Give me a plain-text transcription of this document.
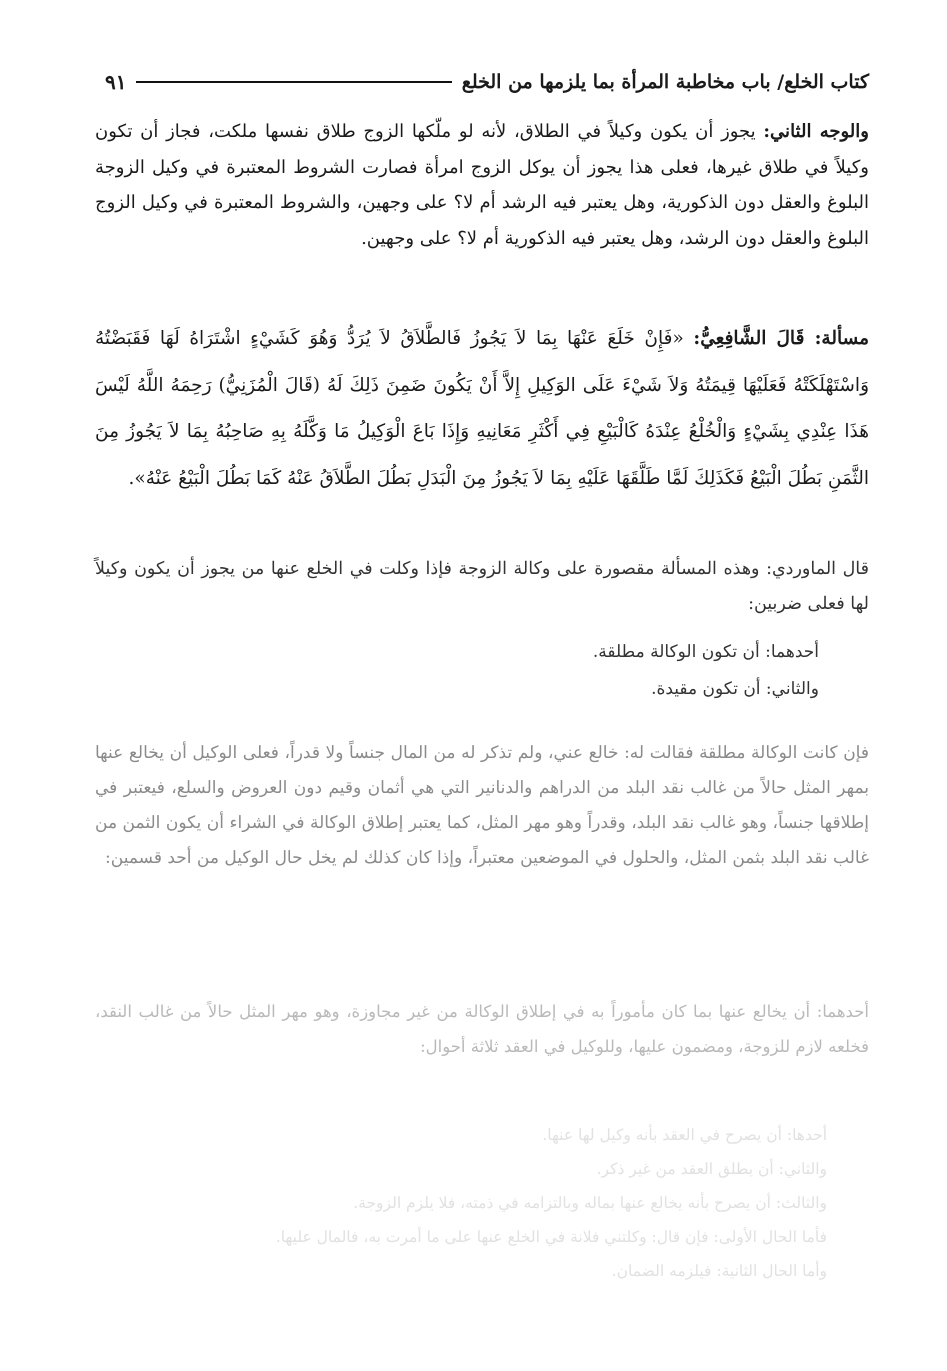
كتاب الخلع/ باب مخاطبة المرأة بما يلزمها من الخلع
٩١

والوجه الثاني: يجوز أن يكون وكيلاً في الطلاق، لأنه لو ملّكها الزوج طلاق نفسها ملكت، فجاز أن تكون وكيلاً في طلاق غيرها، فعلى هذا يجوز أن يوكل الزوج امرأة فصارت الشروط المعتبرة في وكيل الزوجة البلوغ والعقل دون الذكورية، وهل يعتبر فيه الرشد أم لا؟ على وجهين، والشروط المعتبرة في وكيل الزوج البلوغ والعقل دون الرشد، وهل يعتبر فيه الذكورية أم لا؟ على وجهين.

مسألة: قَالَ الشَّافِعِيُّ: «فَإِنْ خَلَعَ عَنْهَا بِمَا لاَ يَجُوزُ فَالطَّلاَقُ لاَ يُرَدُّ وَهُوَ كَشَيْءٍ اشْتَرَاهُ لَهَا فَقَبَضْتُهُ وَاسْتَهْلَكَتْهُ فَعَلَيْهَا قِيمَتُهُ وَلاَ شَيْءَ عَلَى الوَكِيلِ إِلاَّ أَنْ يَكُونَ ضَمِنَ ذَلِكَ لَهُ (قَالَ الْمُزَنِيُّ) رَحِمَهُ اللَّهُ لَيْسَ هَذَا عِنْدِي بِشَيْءٍ وَالْخُلْعُ عِنْدَهُ كَالْبَيْعِ فِي أَكْثَرِ مَعَانِيهِ وَإِذَا بَاعَ الْوَكِيلُ مَا وَكَّلَهُ بِهِ صَاحِبُهُ بِمَا لاَ يَجُوزُ مِنَ الثَّمَنِ بَطُلَ الْبَيْعُ فَكَذَلِكَ لَمَّا طَلَّقَهَا عَلَيْهِ بِمَا لاَ يَجُوزُ مِنَ الْبَدَلِ بَطُلَ الطَّلاَقُ عَنْهُ كَمَا بَطُلَ الْبَيْعُ عَنْهُ».

قال الماوردي: وهذه المسألة مقصورة على وكالة الزوجة فإذا وكلت في الخلع عنها من يجوز أن يكون وكيلاً لها فعلى ضربين:

أحدهما: أن تكون الوكالة مطلقة.
والثاني: أن تكون مقيدة.

فإن كانت الوكالة مطلقة فقالت له: خالع عني، ولم تذكر له من المال جنساً ولا قدراً، فعلى الوكيل أن يخالع عنها بمهر المثل حالاً من غالب نقد البلد من الدراهم والدنانير التي هي أثمان وقيم دون العروض والسلع، فيعتبر في إطلاقها جنساً، وهو غالب نقد البلد، وقدراً وهو مهر المثل، كما يعتبر إطلاق الوكالة في الشراء أن يكون الثمن من غالب نقد البلد بثمن المثل، والحلول في الموضعين معتبراً، وإذا كان كذلك لم يخل حال الوكيل من أحد قسمين:

أحدهما: أن يخالع عنها بما كان مأموراً به في إطلاق الوكالة من غير مجاوزة، وهو مهر المثل حالاً من غالب النقد، فخلعه لازم للزوجة، ومضمون عليها، وللوكيل في العقد ثلاثة أحوال:

أحدها: أن يصرح في العقد بأنه وكيل لها عنها.
والثاني: أن يطلق العقد من غير ذكر.
والثالث: أن يصرح بأنه يخالع عنها بماله وبالتزامه في ذمته، فلا يلزم الزوجة.
فأما الحال الأولى: فإن قال: وكلتني فلانة في الخلع عنها على ما أمرت به، فالمال عليها.
وأما الحال الثانية: فيلزمه الضمان.
